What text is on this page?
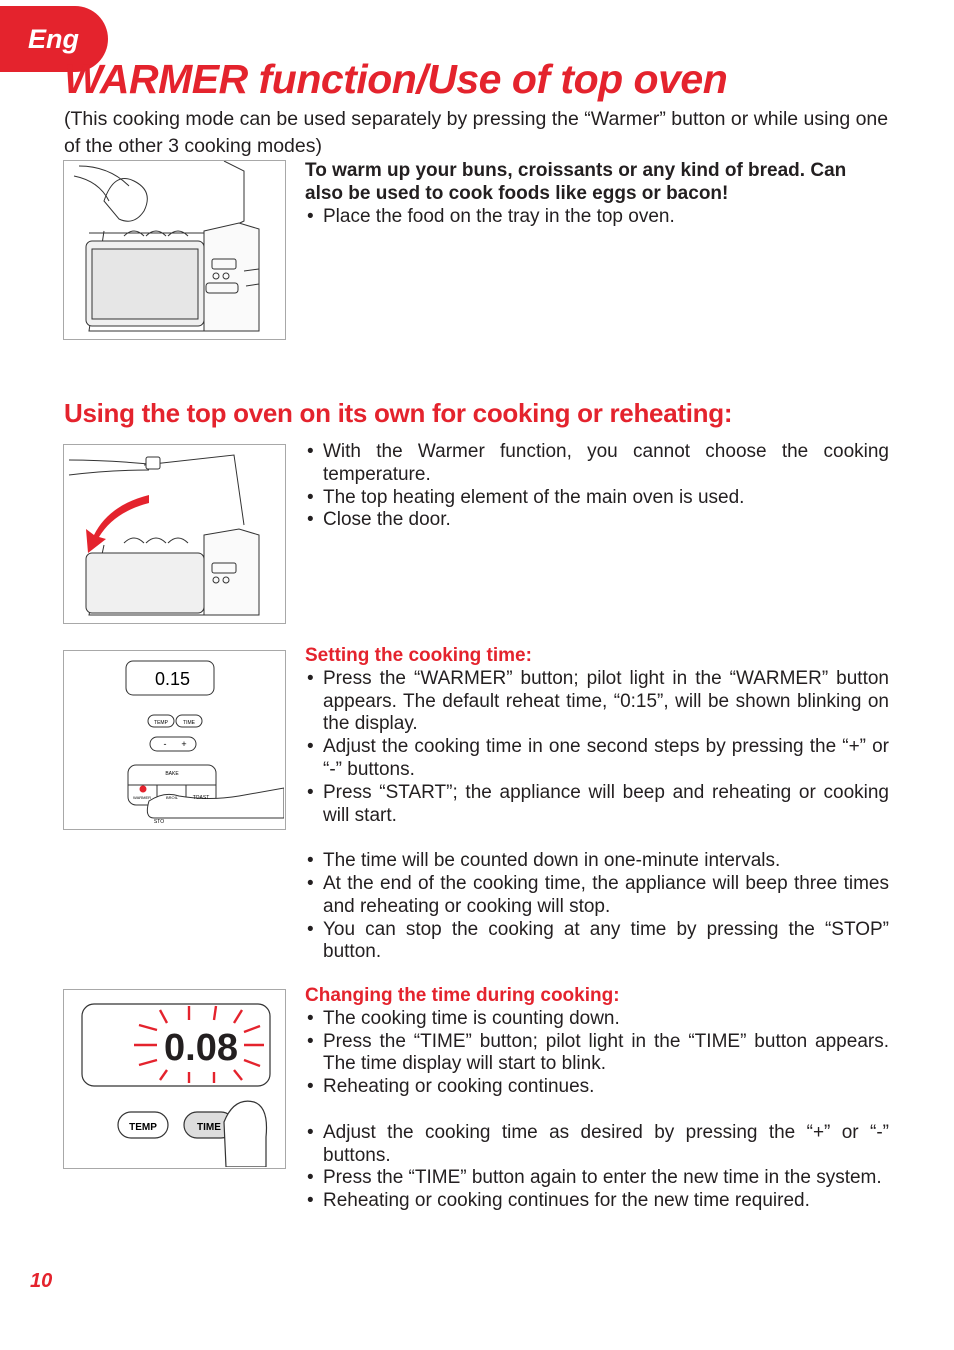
Eng
WARMER function/Use of top oven

(This cooking mode can be used separately by pressing the “Warmer” button or while using one of the other 3 cooking modes)

To warm up your buns, croissants or any kind of bread. Can also be used to cook foods like eggs or bacon!

• Place the food on the tray in the top oven.
Using the top oven on its own for cooking or reheating:
• With the Warmer function, you cannot choose the cooking temperature.
• The top heating element of the main oven is used.
• Close the door.
0.15
TEMP	TIME
- +
BAKE
WARMER	BROIL	TOAST
STO

Setting the cooking time:

• Press the “WARMER” button; pilot light in the “WARMER” button appears. The default reheat time, “0:15”, will be shown blinking on the display.
• Adjust the cooking time in one second steps by pressing the “+” or “-” buttons.
• Press “START”; the appliance will beep and reheating or cooking will start.
• The time will be counted down in one-minute intervals.
• At the end of the cooking time, the appliance will beep three times and reheating or cooking will stop.
• You can stop the cooking at any time by pressing the “STOP” button.
0.08
TEMP	TIME

Changing the time during cooking:

• The cooking time is counting down.
• Press the “TIME” button; pilot light in the “TIME” button appears. The time display will start to blink.
• Reheating or cooking continues.
• Adjust the cooking time as desired by pressing the “+” or “-” buttons.
• Press the “TIME” button again to enter the new time in the system.
• Reheating or cooking continues for the new time required.
10
